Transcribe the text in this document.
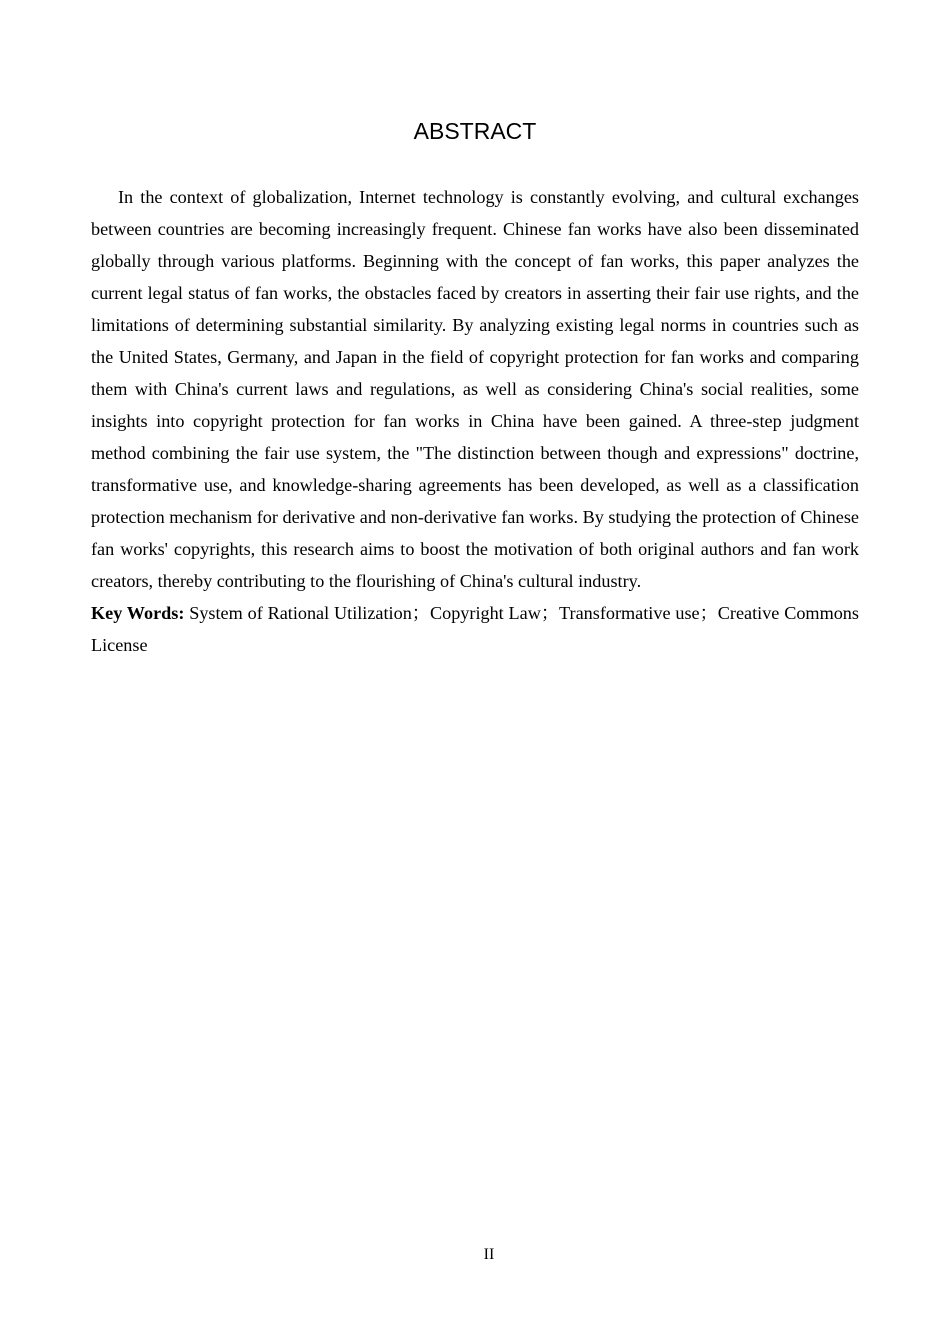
ABSTRACT

In the context of globalization, Internet technology is constantly evolving, and cultural exchanges between countries are becoming increasingly frequent. Chinese fan works have also been disseminated globally through various platforms. Beginning with the concept of fan works, this paper analyzes the current legal status of fan works, the obstacles faced by creators in asserting their fair use rights, and the limitations of determining substantial similarity. By analyzing existing legal norms in countries such as the United States, Germany, and Japan in the field of copyright protection for fan works and comparing them with China's current laws and regulations, as well as considering China's social realities, some insights into copyright protection for fan works in China have been gained. A three-step judgment method combining the fair use system, the "The distinction between though and expressions" doctrine, transformative use, and knowledge-sharing agreements has been developed, as well as a classification protection mechanism for derivative and non-derivative fan works. By studying the protection of Chinese fan works' copyrights, this research aims to boost the motivation of both original authors and fan work creators, thereby contributing to the flourishing of China's cultural industry.

Key Words: System of Rational Utilization；Copyright Law；Transformative use；Creative Commons License
II
